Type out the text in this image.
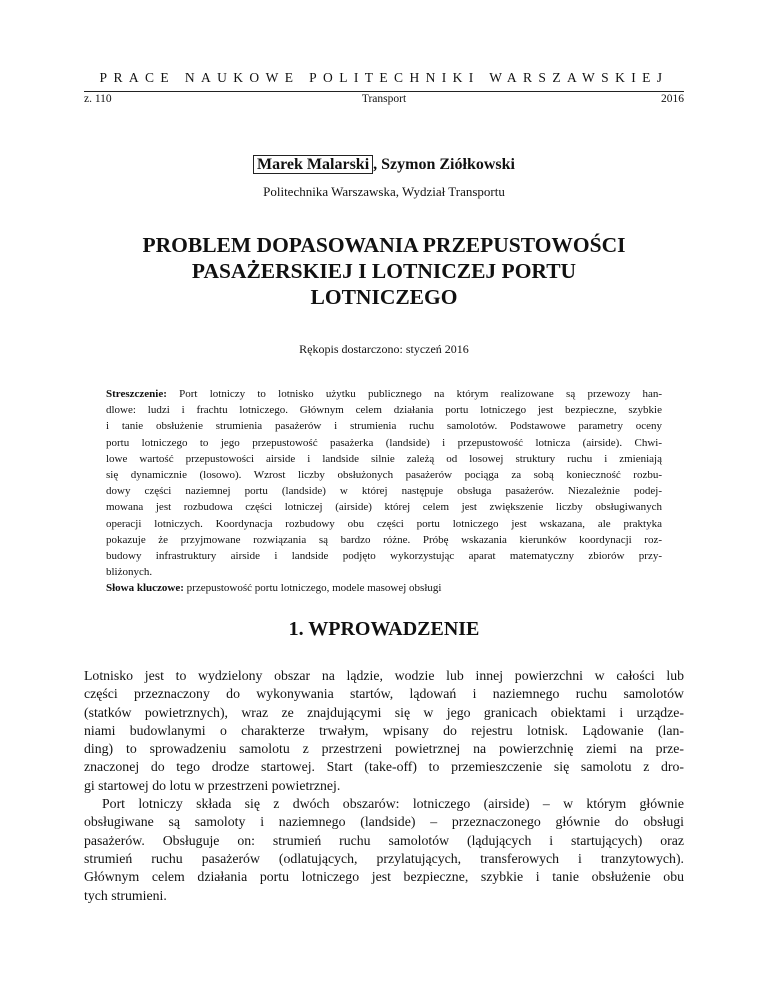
PRACE NAUKOWE POLITECHNIKI WARSZAWSKIEJ
z. 110	Transport	2016
Marek Malarski , Szymon Ziółkowski
Politechnika Warszawska, Wydział Transportu
PROBLEM DOPASOWANIA PRZEPUSTOWOŚCI
PASAŻERSKIEJ I LOTNICZEJ PORTU
LOTNICZEGO
Rękopis dostarczono: styczeń 2016
Streszczenie: Port lotniczy to lotnisko użytku publicznego na którym realizowane są przewozy han-
dlowe: ludzi i frachtu lotniczego. Głównym celem działania portu lotniczego jest bezpieczne, szybkie
i tanie obsłużenie strumienia pasażerów i strumienia ruchu samolotów. Podstawowe parametry oceny
portu lotniczego to jego przepustowość pasażerka (landside) i przepustowość lotnicza (airside). Chwi-
lowe wartość przepustowości airside i landside silnie zależą od losowej struktury ruchu i zmieniają
się dynamicznie (losowo). Wzrost liczby obsłużonych pasażerów pociąga za sobą konieczność rozbu-
dowy części naziemnej portu (landside) w której następuje obsługa pasażerów. Niezależnie podej-
mowana jest rozbudowa części lotniczej (airside) której celem jest zwiększenie liczby obsługiwanych
operacji lotniczych. Koordynacja rozbudowy obu części portu lotniczego jest wskazana, ale praktyka
pokazuje że przyjmowane rozwiązania są bardzo różne. Próbę wskazania kierunków koordynacji roz-
budowy infrastruktury airside i landside podjęto wykorzystując aparat matematyczny zbiorów przy-
bliżonych.
Słowa kluczowe: przepustowość portu lotniczego, modele masowej obsługi
1. WPROWADZENIE
Lotnisko jest to wydzielony obszar na lądzie, wodzie lub innej powierzchni w całości lub
części przeznaczony do wykonywania startów, lądowań i naziemnego ruchu samolotów
(statków powietrznych), wraz ze znajdującymi się w jego granicach obiektami i urządze-
niami budowlanymi o charakterze trwałym, wpisany do rejestru lotnisk. Lądowanie (lan-
ding) to sprowadzeniu samolotu z przestrzeni powietrznej na powierzchnię ziemi na prze-
znaczonej do tego drodze startowej. Start (take-off) to przemieszczenie się samolotu z dro-
gi startowej do lotu w przestrzeni powietrznej.
Port lotniczy składa się z dwóch obszarów: lotniczego (airside) – w którym głównie
obsługiwane są samoloty i naziemnego (landside) – przeznaczonego głównie do obsługi
pasażerów. Obsługuje on: strumień ruchu samolotów (lądujących i startujących) oraz
strumień ruchu pasażerów (odlatujących, przylatujących, transferowych i tranzytowych).
Głównym celem działania portu lotniczego jest bezpieczne, szybkie i tanie obsłużenie obu
tych strumieni.
